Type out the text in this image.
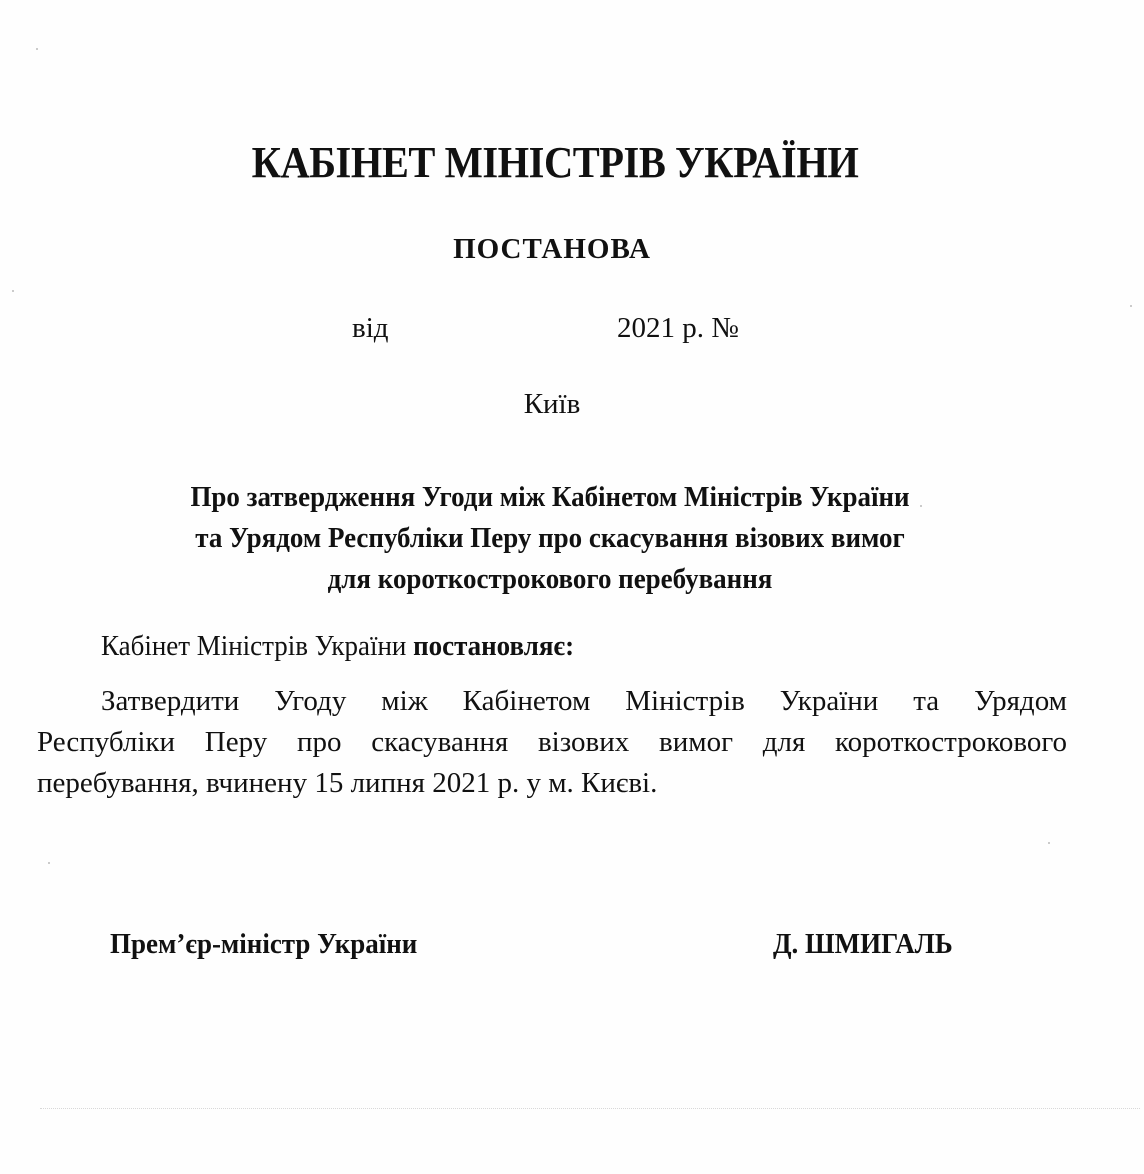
КАБІНЕТ МІНІСТРІВ УКРАЇНИ
ПОСТАНОВА
від	2021 р. №
Київ
Про затвердження Угоди між Кабінетом Міністрів України
та Урядом Республіки Перу про скасування візових вимог
для короткострокового перебування
Кабінет Міністрів України постановляє:
Затвердити Угоду між Кабінетом Міністрів України та Урядом
Республіки Перу про скасування візових вимог для короткострокового
перебування, вчинену 15 липня 2021 р. у м. Києві.
Прем’єр-міністр України	Д. ШМИГАЛЬ
